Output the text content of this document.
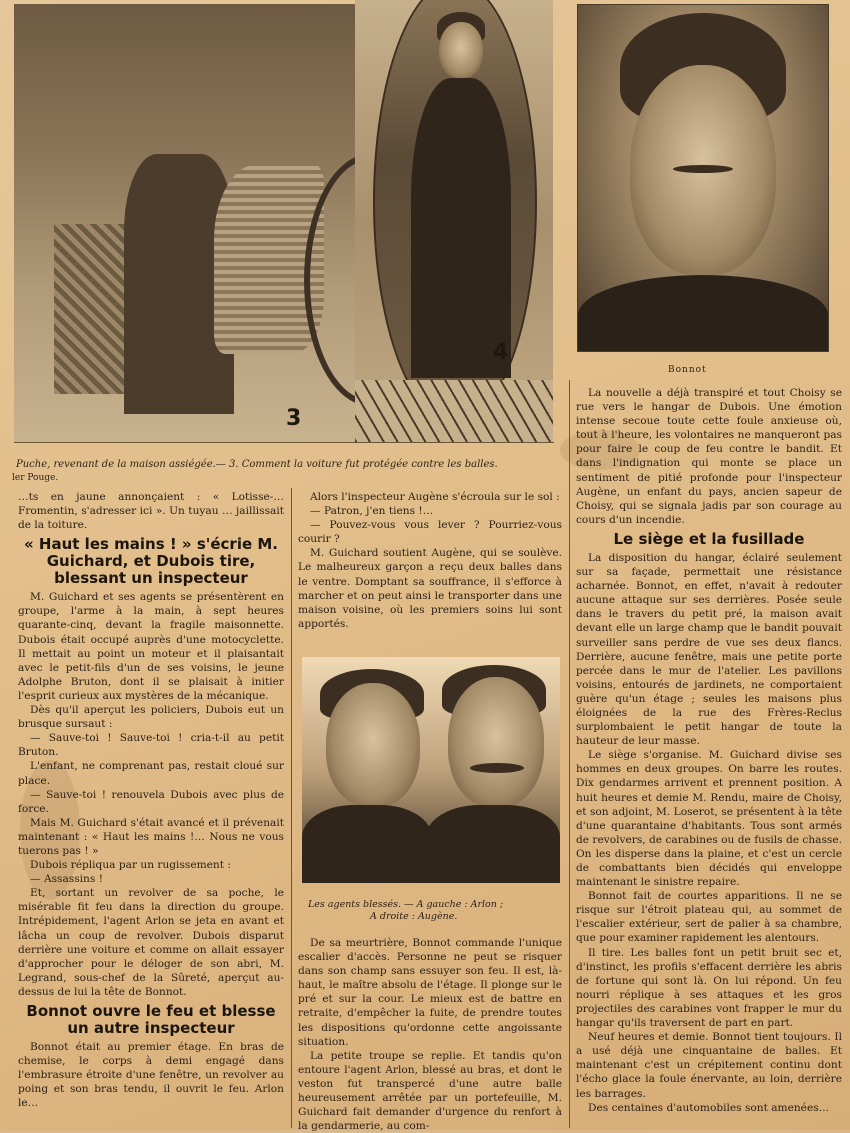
3
4
Puche, revenant de la maison assiégée.— 3. Comment la voiture fut protégée contre les balles.
ler Pouge.
Bonnot

…ts en jaune annonçaient : « Lotisse-… Fromentin, s'adresser ici ». Un tuyau … jaillissait de la toiture.

« Haut les mains ! » s'écrie M. Guichard, et Dubois tire, blessant un inspecteur

M. Guichard et ses agents se présentèrent en groupe, l'arme à la main, à sept heures quarante-cinq, devant la fragile maisonnette. Dubois était occupé auprès d'une motocyclette. Il mettait au point un moteur et il plaisantait avec le petit-fils d'un de ses voisins, le jeune Adolphe Bruton, dont il se plaisait à initier l'esprit curieux aux mystères de la mécanique.

Dès qu'il aperçut les policiers, Dubois eut un brusque sursaut :

— Sauve-toi ! Sauve-toi ! cria-t-il au petit Bruton.

L'enfant, ne comprenant pas, restait cloué sur place.

— Sauve-toi ! renouvela Dubois avec plus de force.

Mais M. Guichard s'était avancé et il prévenait maintenant : « Haut les mains !… Nous ne vous tuerons pas ! »

Dubois répliqua par un rugissement :

— Assassins !

Et, sortant un revolver de sa poche, le misérable fit feu dans la direction du groupe. Intrépidement, l'agent Arlon se jeta en avant et lâcha un coup de revolver. Dubois disparut derrière une voiture et comme on allait essayer d'approcher pour le déloger de son abri, M. Legrand, sous-chef de la Sûreté, aperçut au-dessus de lui la tête de Bonnot.

Bonnot ouvre le feu et blesse un autre inspecteur

Bonnot était au premier étage. En bras de chemise, le corps à demi engagé dans l'embrasure étroite d'une fenêtre, un revolver au poing et son bras tendu, il ouvrit le feu. Arlon le…

Alors l'inspecteur Augène s'écroula sur le sol :

— Patron, j'en tiens !…

— Pouvez-vous vous lever ? Pourriez-vous courir ?

M. Guichard soutient Augène, qui se soulève. Le malheureux garçon a reçu deux balles dans le ventre. Domptant sa souffrance, il s'efforce à marcher et on peut ainsi le transporter dans une maison voisine, où les premiers soins lui sont apportés.

Les agents blessés. — A gauche : Arlon ;
A droite : Augène.

De sa meurtrière, Bonnot commande l'unique escalier d'accès. Personne ne peut se risquer dans son champ sans essuyer son feu. Il est, là-haut, le maître absolu de l'étage. Il plonge sur le pré et sur la cour. Le mieux est de battre en retraite, d'empêcher la fuite, de prendre toutes les dispositions qu'ordonne cette angoissante situation.

La petite troupe se replie. Et tandis qu'on entoure l'agent Arlon, blessé au bras, et dont le veston fut transpercé d'une autre balle heureusement arrêtée par un portefeuille, M. Guichard fait demander d'urgence du renfort à la gendarmerie, au com-

La nouvelle a déjà transpiré et tout Choisy se rue vers le hangar de Dubois. Une émotion intense secoue toute cette foule anxieuse où, tout à l'heure, les volontaires ne manqueront pas pour faire le coup de feu contre le bandit. Et dans l'indignation qui monte se place un sentiment de pitié profonde pour l'inspecteur Augène, un enfant du pays, ancien sapeur de Choisy, qui se signala jadis par son courage au cours d'un incendie.

Le siège et la fusillade

La disposition du hangar, éclairé seulement sur sa façade, permettait une résistance acharnée. Bonnot, en effet, n'avait à redouter aucune attaque sur ses derrières. Posée seule dans le travers du petit pré, la maison avait devant elle un large champ que le bandit pouvait surveiller sans perdre de vue ses deux flancs. Derrière, aucune fenêtre, mais une petite porte percée dans le mur de l'atelier. Les pavillons voisins, entourés de jardinets, ne comportaient guère qu'un étage ; seules les maisons plus éloignées de la rue des Frères-Reclus surplombaient le petit hangar de toute la hauteur de leur masse.

Le siège s'organise. M. Guichard divise ses hommes en deux groupes. On barre les routes. Dix gendarmes arrivent et prennent position. A huit heures et demie M. Rendu, maire de Choisy, et son adjoint, M. Loserot, se présentent à la tête d'une quarantaine d'habitants. Tous sont armés de revolvers, de carabines ou de fusils de chasse. On les disperse dans la plaine, et c'est un cercle de combattants bien décidés qui enveloppe maintenant le sinistre repaire.

Bonnot fait de courtes apparitions. Il ne se risque sur l'étroit plateau qui, au sommet de l'escalier extérieur, sert de palier à sa chambre, que pour examiner rapidement les alentours.

Il tire. Les balles font un petit bruit sec et, d'instinct, les profils s'effacent derrière les abris de fortune qui sont là. On lui répond. Un feu nourri réplique à ses attaques et les gros projectiles des carabines vont frapper le mur du hangar qu'ils traversent de part en part.

Neuf heures et demie. Bonnot tient toujours. Il a usé déjà une cinquantaine de balles. Et maintenant c'est un crépitement continu dont l'écho glace la foule énervante, au loin, derrière les barrages.

Des centaines d'automobiles sont amenées…
